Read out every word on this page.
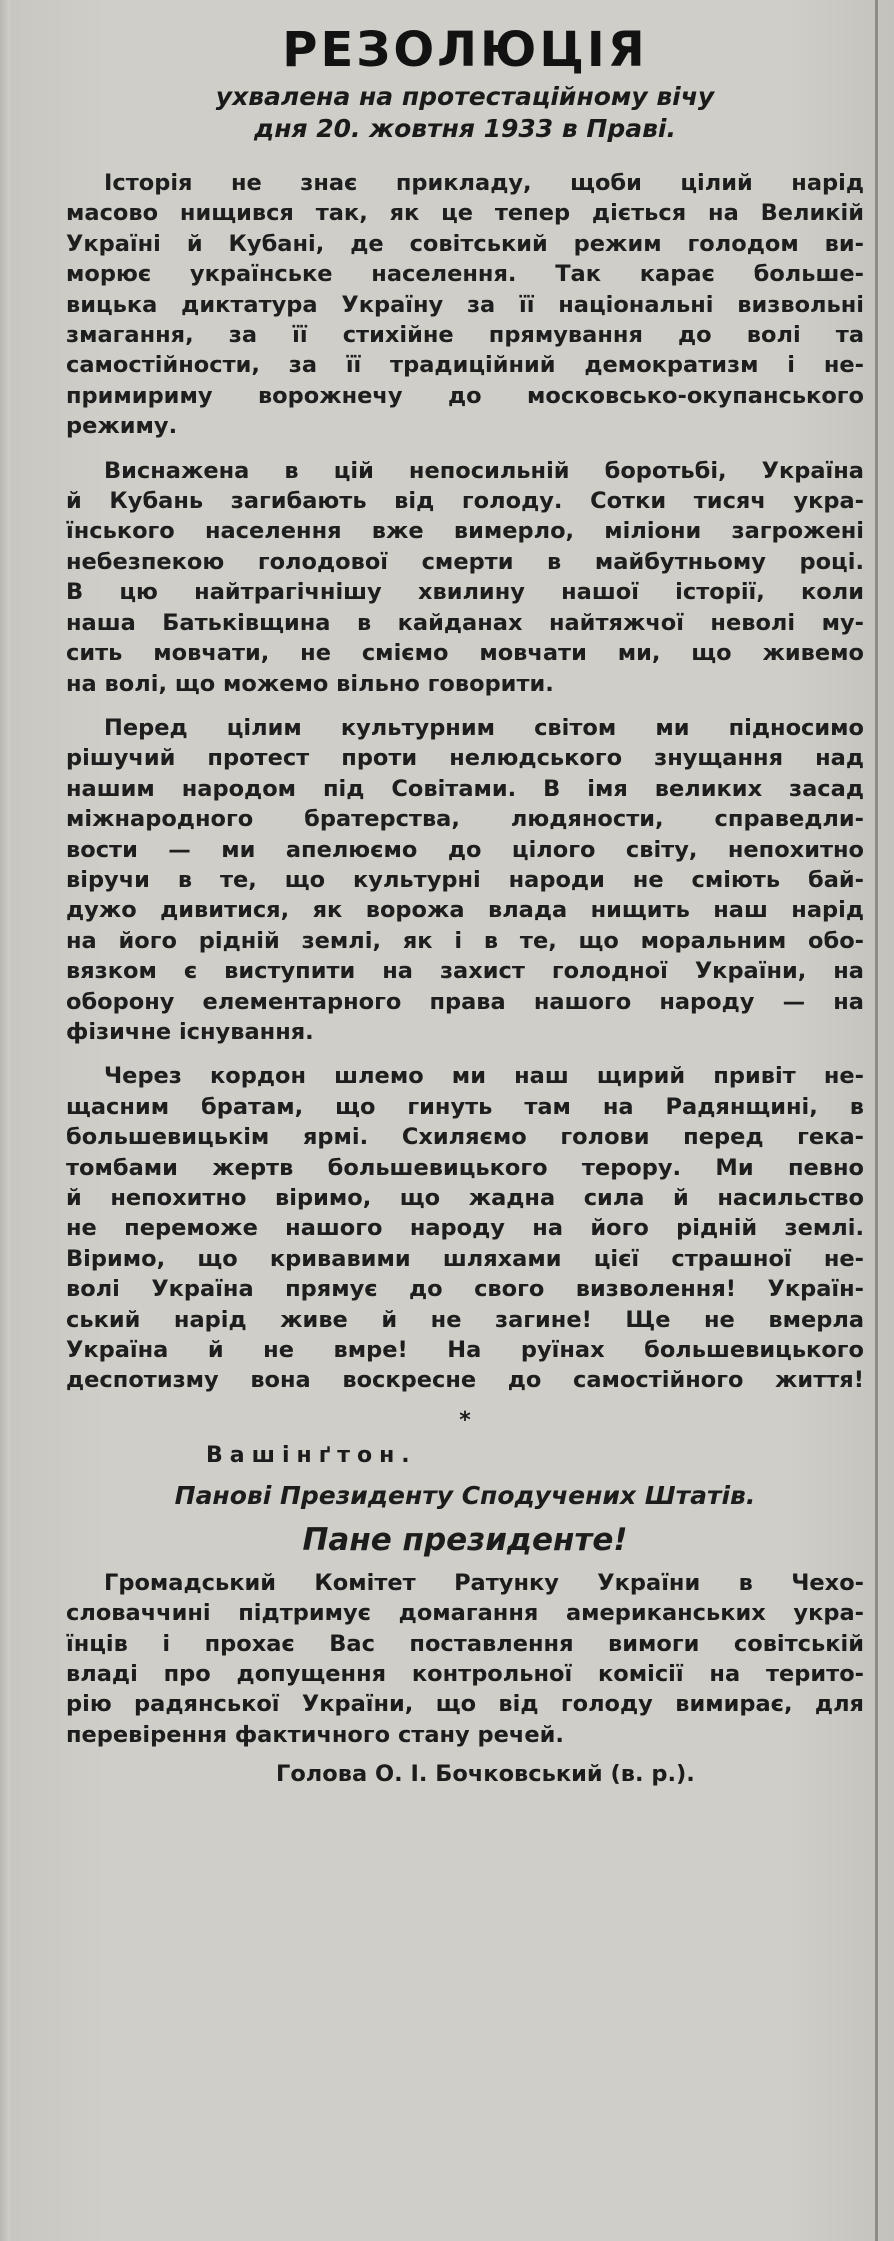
РЕЗОЛЮЦІЯ

ухвалена на протестаційному вічу

дня 20. жовтня 1933 в Праві.

Історія не знає прикладу, щоби цілий нарід
масово нищився так, як це тепер діється на Великій
Україні й Кубані, де совітський режим голодом ви-
морює українське населення. Так карає больше-
вицька диктатура Україну за її національні визвольні
змагання, за її стихійне прямування до волі та
самостійности, за її традиційний демократизм і не-
примириму ворожнечу до московсько-окупанського
режиму.
Виснажена в цій непосильній боротьбі, Україна
й Кубань загибають від голоду. Сотки тисяч укра-
їнського населення вже вимерло, міліони загрожені
небезпекою голодової смерти в майбутньому році.
В цю найтрагічнішу хвилину нашої історії, коли
наша Батьківщина в кайданах найтяжчої неволі му-
сить мовчати, не сміємо мовчати ми, що живемо
на волі, що можемо вільно говорити.
Перед цілим культурним світом ми підносимо
рішучий протест проти нелюдського знущання над
нашим народом під Совітами. В імя великих засад
міжнародного братерства, людяности, справедли-
вости — ми апелюємо до цілого світу, непохитно
віручи в те, що культурні народи не сміють бай-
дужо дивитися, як ворожа влада нищить наш нарід
на його рідній землі, як і в те, що моральним обо-
вязком є виступити на захист голодної України, на
оборону елементарного права нашого народу — на
фізичне існування.
Через кордон шлемо ми наш щирий привіт не-
щасним братам, що гинуть там на Радянщині, в
большевицькім ярмі. Схиляємо голови перед гека-
томбами жертв большевицького терору. Ми певно
й непохитно віримо, що жадна сила й насильство
не переможе нашого народу на його рідній землі.
Віримо, що кривавими шляхами цієї страшної не-
волі Україна прямує до свого визволення! Україн-
ський нарід живе й не загине! Ще не вмерла
Україна й не вмре! На руїнах большевицького
деспотизму вона воскресне до самостійного життя!
*

Вашінґтон.

Панові Президенту Сподучених Штатів.

Пане президенте!

Громадський Комітет Ратунку України в Чехо-
словаччині підтримує домагання американських укра-
їнців і прохає Вас поставлення вимоги совітській
владі про допущення контрольної комісії на терито-
рію радянської України, що від голоду вимирає, для
перевірення фактичного стану речей.

Голова О. І. Бочковський (в. р.).
